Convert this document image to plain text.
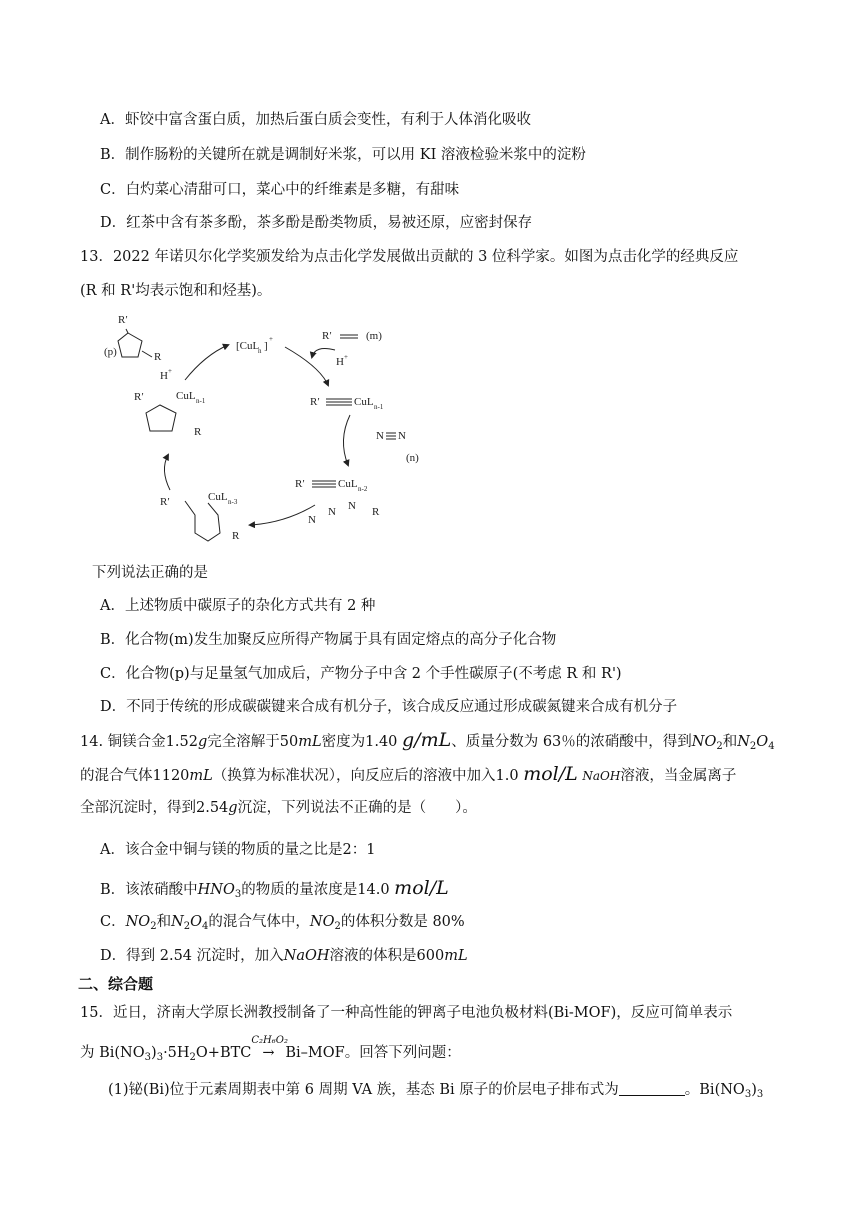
A．虾饺中富含蛋白质，加热后蛋白质会变性，有利于人体消化吸收
B．制作肠粉的关键所在就是调制好米浆，可以用 KI 溶液检验米浆中的淀粉
C．白灼菜心清甜可口，菜心中的纤维素是多糖，有甜味
D．红茶中含有茶多酚，茶多酚是酚类物质，易被还原，应密封保存
13．2022 年诺贝尔化学奖颁发给为点击化学发展做出贡献的 3 位科学家。如图为点击化学的经典反应
(R 和 R'均表示饱和和烃基)。
R′
(p)	R
H +
[CuL
n ]
+	R′	(m)
H +
R′	CuL n-1
N N
(n)
R′	CuL n-2
N R
N
N
R′	CuL n-3
R
R′	CuL n-1
R
下列说法正确的是
A．上述物质中碳原子的杂化方式共有 2 种
B．化合物(m)发生加聚反应所得产物属于具有固定熔点的高分子化合物
C．化合物(p)与足量氢气加成后，产物分子中含 2 个手性碳原子(不考虑 R 和 R')
D．不同于传统的形成碳碳键来合成有机分子，该合成反应通过形成碳氮键来合成有机分子
14. 铜镁合金1.52g完全溶解于50mL密度为1.40 g/mL、质量分数为 63％的浓硝酸中，得到$NO_2$和$N_2O_4$
的混合气体1120mL（换算为标准状况），向反应后的溶液中加入1.0 mol/L NaOH溶液，当金属离子
全部沉淀时，得到2.54g沉淀，下列说法不正确的是（　　）。
A．该合金中铜与镁的物质的量之比是2：1
B．该浓硝酸中$HNO_3$的物质的量浓度是14.0 mol/L
C．$NO_2$和$N_2O_4$的混合气体中，$NO_2$的体积分数是 80%
D．得到 2.54 沉淀时，加入NaOH溶液的体积是600mL
二、综合题
15．近日，济南大学原长洲教授制备了一种高性能的钾离子电池负极材料(Bi-MOF)，反应可简单表示
为 $Bi(NO_3)_3\cdot 5H_2O+BTC$
C₂H₆O₂
→ Bi–MOF。回答下列问题：
(1)铋(Bi)位于元素周期表中第 6 周期 VA 族，基态 Bi 原子的价层电子排布式为	。$Bi(NO_3)_3$
